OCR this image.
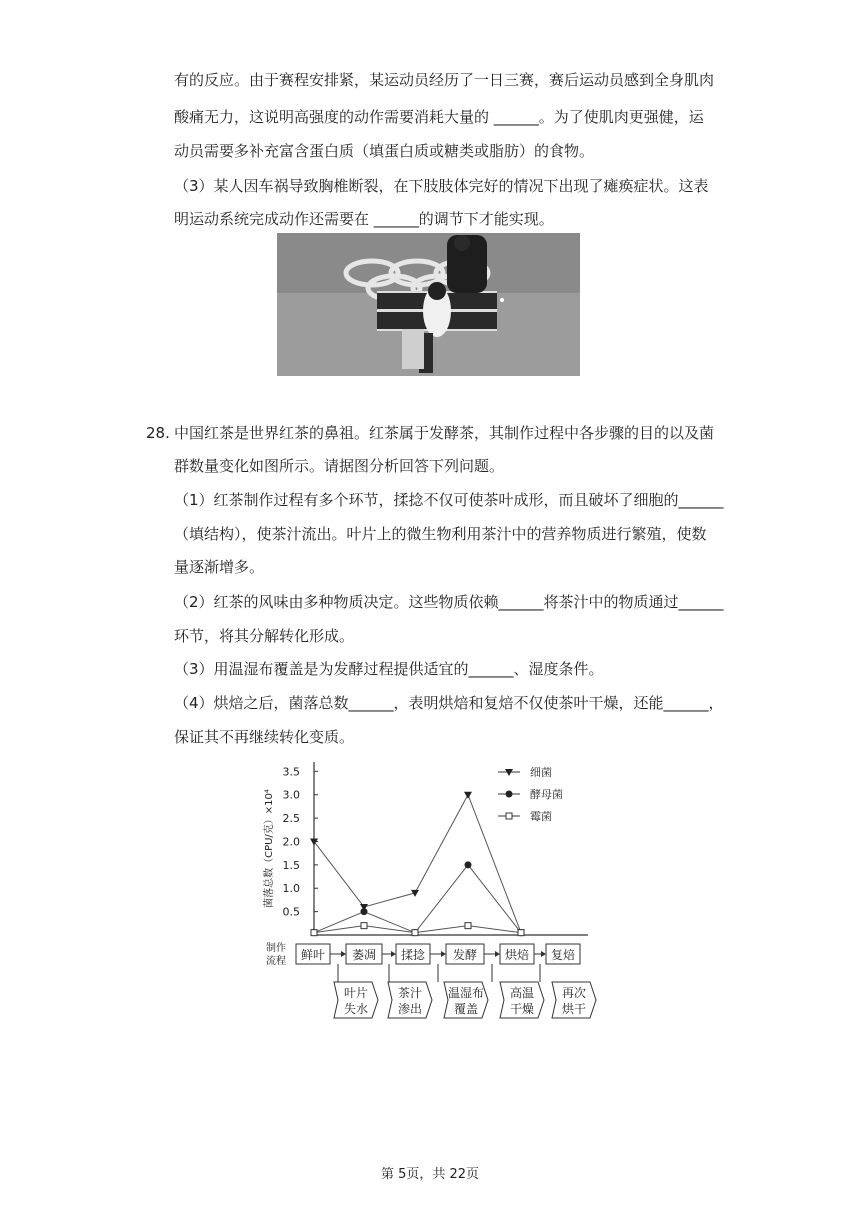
有的反应。由于赛程安排紧，某运动员经历了一日三赛，赛后运动员感到全身肌肉
酸痛无力，这说明高强度的动作需要消耗大量的 ______。为了使肌肉更强健，运
动员需要多补充富含蛋白质（填蛋白质或糖类或脂肪）的食物。
（3）某人因车祸导致胸椎断裂，在下肢肢体完好的情况下出现了瘫痪症状。这表
明运动系统完成动作还需要在 ______的调节下才能实现。
28. 中国红茶是世界红茶的鼻祖。红茶属于发酵茶，其制作过程中各步骤的目的以及菌
群数量变化如图所示。请据图分析回答下列问题。
（1）红茶制作过程有多个环节，揉捻不仅可使茶叶成形，而且破坏了细胞的______
（填结构），使茶汁流出。叶片上的微生物利用茶汁中的营养物质进行繁殖，使数
量逐渐增多。
（2）红茶的风味由多种物质决定。这些物质依赖______将茶汁中的物质通过______
环节，将其分解转化形成。
（3）用温湿布覆盖是为发酵过程提供适宜的______、湿度条件。
（4）烘焙之后，菌落总数______，表明烘焙和复焙不仅使茶叶干燥，还能______，
保证其不再继续转化变质。
0.5
1.0
1.5
2.0
2.5
3.0
3.5
菌落总数（CPU/克）×10⁴
细菌
酵母菌
霉菌
制作
流程 鲜叶 萎凋 揉捻 发酵 烘焙 复焙
叶片
失水
茶汁
渗出
温湿布
覆盖
高温
干燥
再次
烘干
第 5页，共 22页
